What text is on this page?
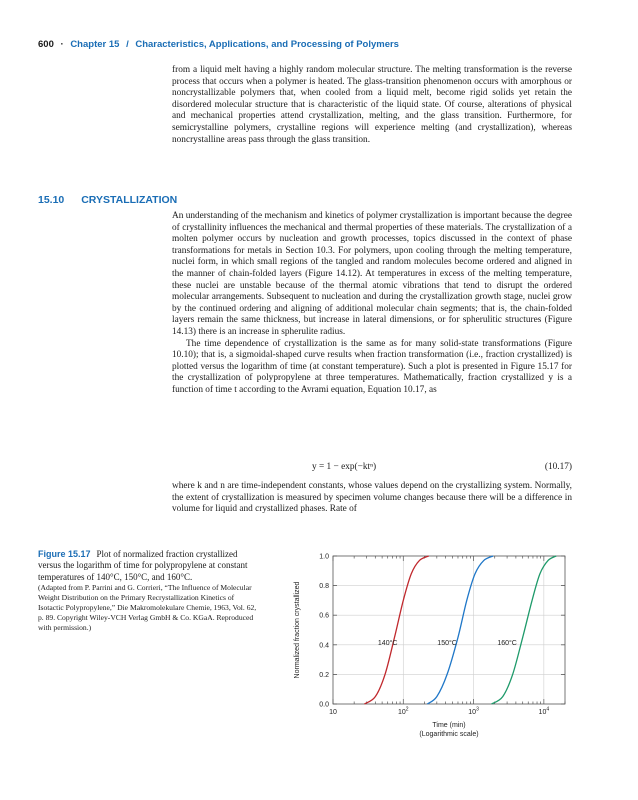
600 · Chapter 15 / Characteristics, Applications, and Processing of Polymers

from a liquid melt having a highly random molecular structure. The melting transformation is the reverse process that occurs when a polymer is heated. The glass-transition phenomenon occurs with amorphous or noncrystallizable polymers that, when cooled from a liquid melt, become rigid solids yet retain the disordered molecular structure that is characteristic of the liquid state. Of course, alterations of physical and mechanical properties attend crystallization, melting, and the glass transition. Furthermore, for semicrystalline polymers, crystalline regions will experience melting (and crystallization), whereas noncrystalline areas pass through the glass transition.

15.10 CRYSTALLIZATION

An understanding of the mechanism and kinetics of polymer crystallization is important because the degree of crystallinity influences the mechanical and thermal properties of these materials. The crystallization of a molten polymer occurs by nucleation and growth processes, topics discussed in the context of phase transformations for metals in Section 10.3. For polymers, upon cooling through the melting temperature, nuclei form, in which small regions of the tangled and random molecules become ordered and aligned in the manner of chain-folded layers (Figure 14.12). At temperatures in excess of the melting temperature, these nuclei are unstable because of the thermal atomic vibrations that tend to disrupt the ordered molecular arrangements. Subsequent to nucleation and during the crystallization growth stage, nuclei grow by the continued ordering and aligning of additional molecular chain segments; that is, the chain-folded layers remain the same thickness, but increase in lateral dimensions, or for spherulitic structures (Figure 14.13) there is an increase in spherulite radius.

The time dependence of crystallization is the same as for many solid-state transformations (Figure 10.10); that is, a sigmoidal-shaped curve results when fraction transformation (i.e., fraction crystallized) is plotted versus the logarithm of time (at constant temperature). Such a plot is presented in Figure 15.17 for the crystallization of polypropylene at three temperatures. Mathematically, fraction crystallized y is a function of time t according to the Avrami equation, Equation 10.17, as

y = 1 − exp(−ktⁿ)	(10.17)

where k and n are time-independent constants, whose values depend on the crystallizing system. Normally, the extent of crystallization is measured by specimen volume changes because there will be a difference in volume for liquid and crystallized phases. Rate of

Figure 15.17 Plot of normalized fraction crystallized versus the logarithm of time for polypropylene at constant temperatures of 140°C, 150°C, and 160°C.
(Adapted from P. Parrini and G. Corrieri, “The Influence of Molecular Weight Distribution on the Primary Recrystallization Kinetics of Isotactic Polypropylene,” Die Makromolekulare Chemie, 1963, Vol. 62, p. 89. Copyright Wiley-VCH Verlag GmbH & Co. KGaA. Reproduced with permission.)
0.0
0.2
0.4
0.6
0.8
1.0
10	$10^2$	$10^3$	$10^4$
140°C	150°C	160°C
Normalized fraction crystallized
Time (min)
(Logarithmic scale)
